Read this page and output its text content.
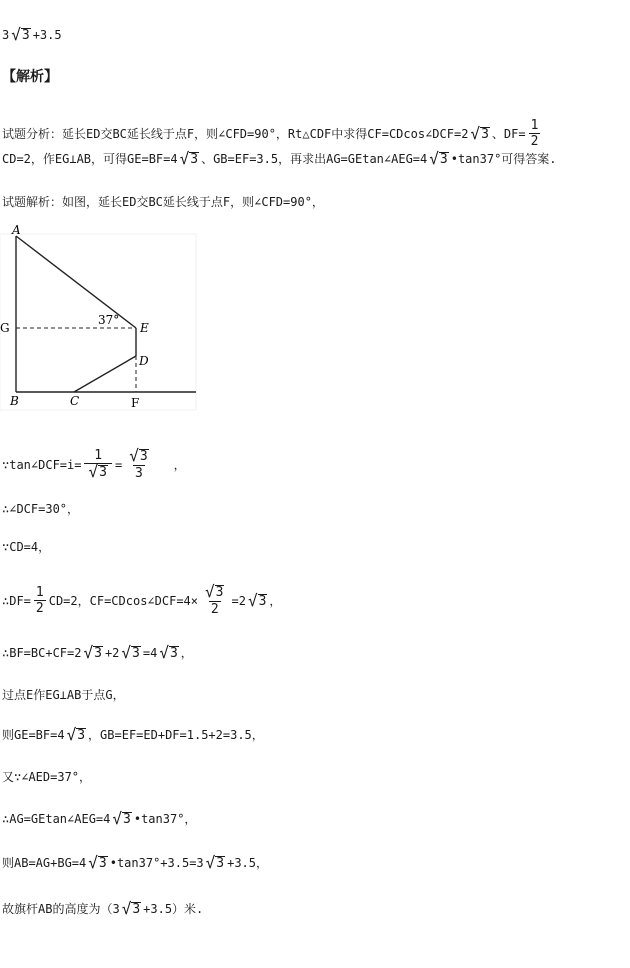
3 √ 3 +3.5
【解析】
试题分析：延长ED交BC延长线于点F，则∠CFD=90°，Rt△CDF中求得CF=CDcos∠DCF=2 √ 3 、$DF= \frac{1}{2}$
CD=2，作EG⊥AB，可得GE=BF=4 √ 3 、GB=EF=3.5，再求出AG=GEtan∠AEG=4 √ 3 •tan37°可得答案.
试题解析：如图，延长ED交BC延长线于点F，则∠CFD=90°，
A
G
B	C
D
E
F
37°
∵tan∠DCF=i= $\frac{1}{√ 3} = \frac{√ 3}{3}$ ，
∴∠DCF=30°，
∵CD=4，
∴DF= $\frac{1}{2} CD=2$，CF=CDcos∠DCF=4× $\frac{√ 3}{2} =2$ √ 3 ，
∴BF=BC+CF=2 √ 3 +2 √ 3 =4 √ 3 ，
过点E作EG⊥AB于点G，
则GE=BF=4 √ 3 ，GB=EF=ED+DF=1.5+2=3.5，
又∵∠AED=37°，
∴AG=GEtan∠AEG=4 √ 3 •tan37°，
则AB=AG+BG=4 √ 3 •tan37°+3.5=3 √ 3 +3.5，
故旗杆AB的高度为（3 √ 3 +3.5）米.
